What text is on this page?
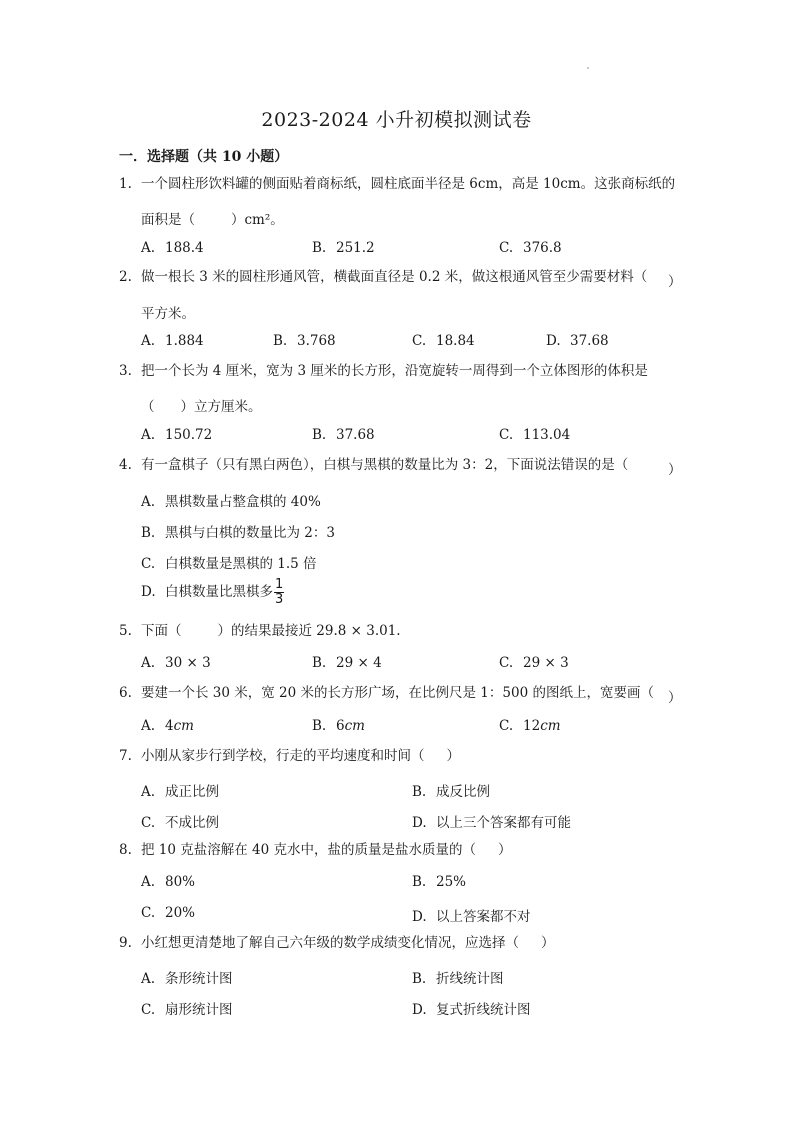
2023-2024 小升初模拟测试卷
一．选择题（共 10 小题）
1. 一个圆柱形饮料罐的侧面贴着商标纸，圆柱底面半径是 6cm，高是 10cm。这张商标纸的
面积是（	）cm²。
A. 188.4	B. 251.2	C. 376.8
2. 做一根长 3 米的圆柱形通风管，横截面直径是 0.2 米，做这根通风管至少需要材料（ ）
平方米。
A. 1.884	B. 3.768	C. 18.84	D. 37.68
3. 把一个长为 4 厘米，宽为 3 厘米的长方形，沿宽旋转一周得到一个立体图形的体积是
（ ）立方厘米。
A. 150.72	B. 37.68	C. 113.04
4. 有一盒棋子（只有黑白两色），白棋与黑棋的数量比为 3：2，下面说法错误的是（	）
A. 黑棋数量占整盒棋的 40%
B. 黑棋与白棋的数量比为 2：3
C. 白棋数量是黑棋的 1.5 倍
D. 白棋数量比黑棋多 $\frac{1}{3}$
5. 下面（	）的结果最接近 29.8 × 3.01.
A. 30 × 3	B. 29 × 4	C. 29 × 3
6. 要建一个长 30 米，宽 20 米的长方形广场，在比例尺是 1：500 的图纸上，宽要画（ ）
A. 4cm	B. 6cm	C. 12cm
7. 小刚从家步行到学校，行走的平均速度和时间（ ）
A. 成正比例	B. 成反比例
C. 不成比例	D. 以上三个答案都有可能
8. 把 10 克盐溶解在 40 克水中，盐的质量是盐水质量的（ ）
A. 80%	B. 25%
C. 20%	D. 以上答案都不对
9. 小红想更清楚地了解自己六年级的数学成绩变化情况，应选择（ ）
A. 条形统计图	B. 折线统计图
C. 扇形统计图	D. 复式折线统计图
